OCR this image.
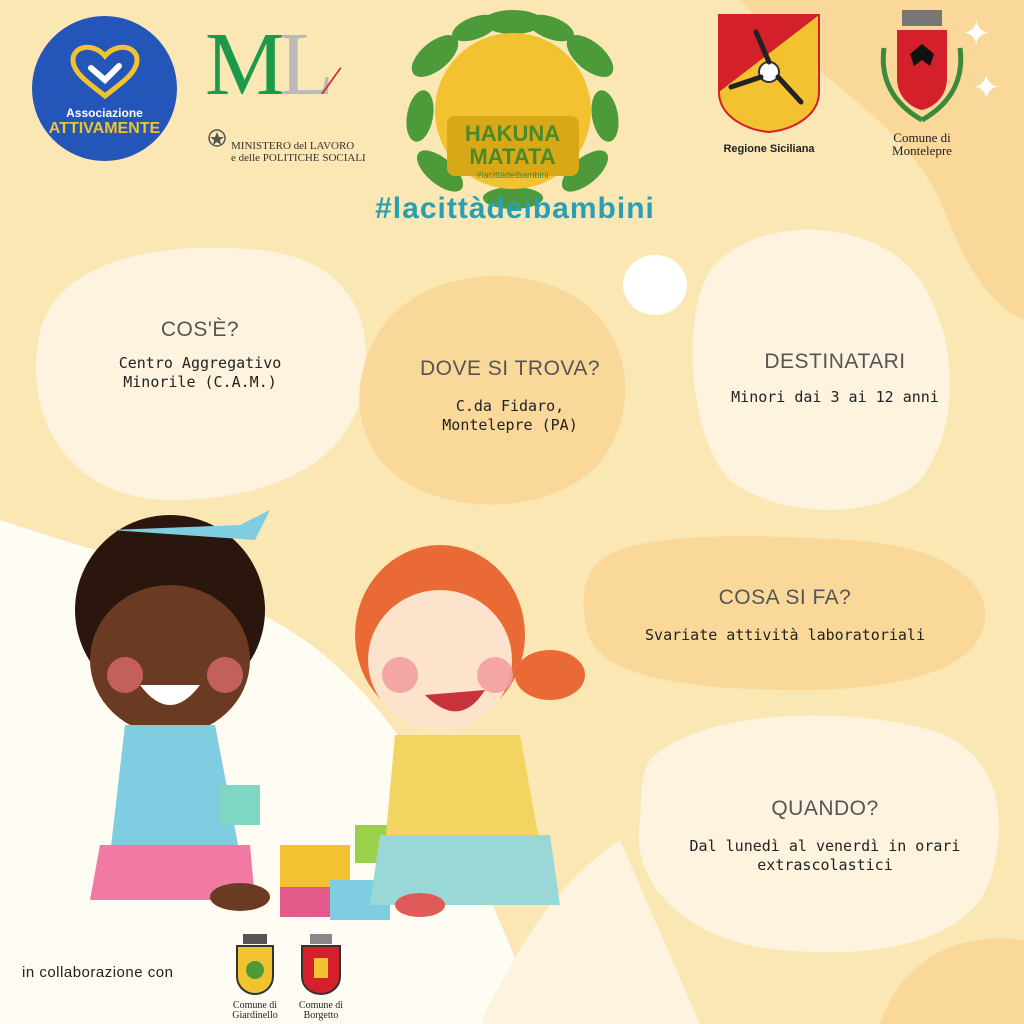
Associazione
ATTIVAMENTE
ML∕
MINISTERO del LAVORO
e delle POLITICHE SOCIALI
HAKUNA
MATATA
#lacittàdeibambini
#lacittàdeibambini
Regione Siciliana
Comune di
Montelepre
✦
✦
COS'È?
Centro Aggregativo
Minorile (C.A.M.)
DOVE SI TROVA?
C.da Fidaro,
Montelepre (PA)
DESTINATARI
Minori dai 3 ai 12 anni
COSA SI FA?
Svariate attività laboratoriali
QUANDO?
Dal lunedì al venerdì in orari
extrascolastici
in collaborazione con
Comune di
Giardinello
Comune di
Borgetto
